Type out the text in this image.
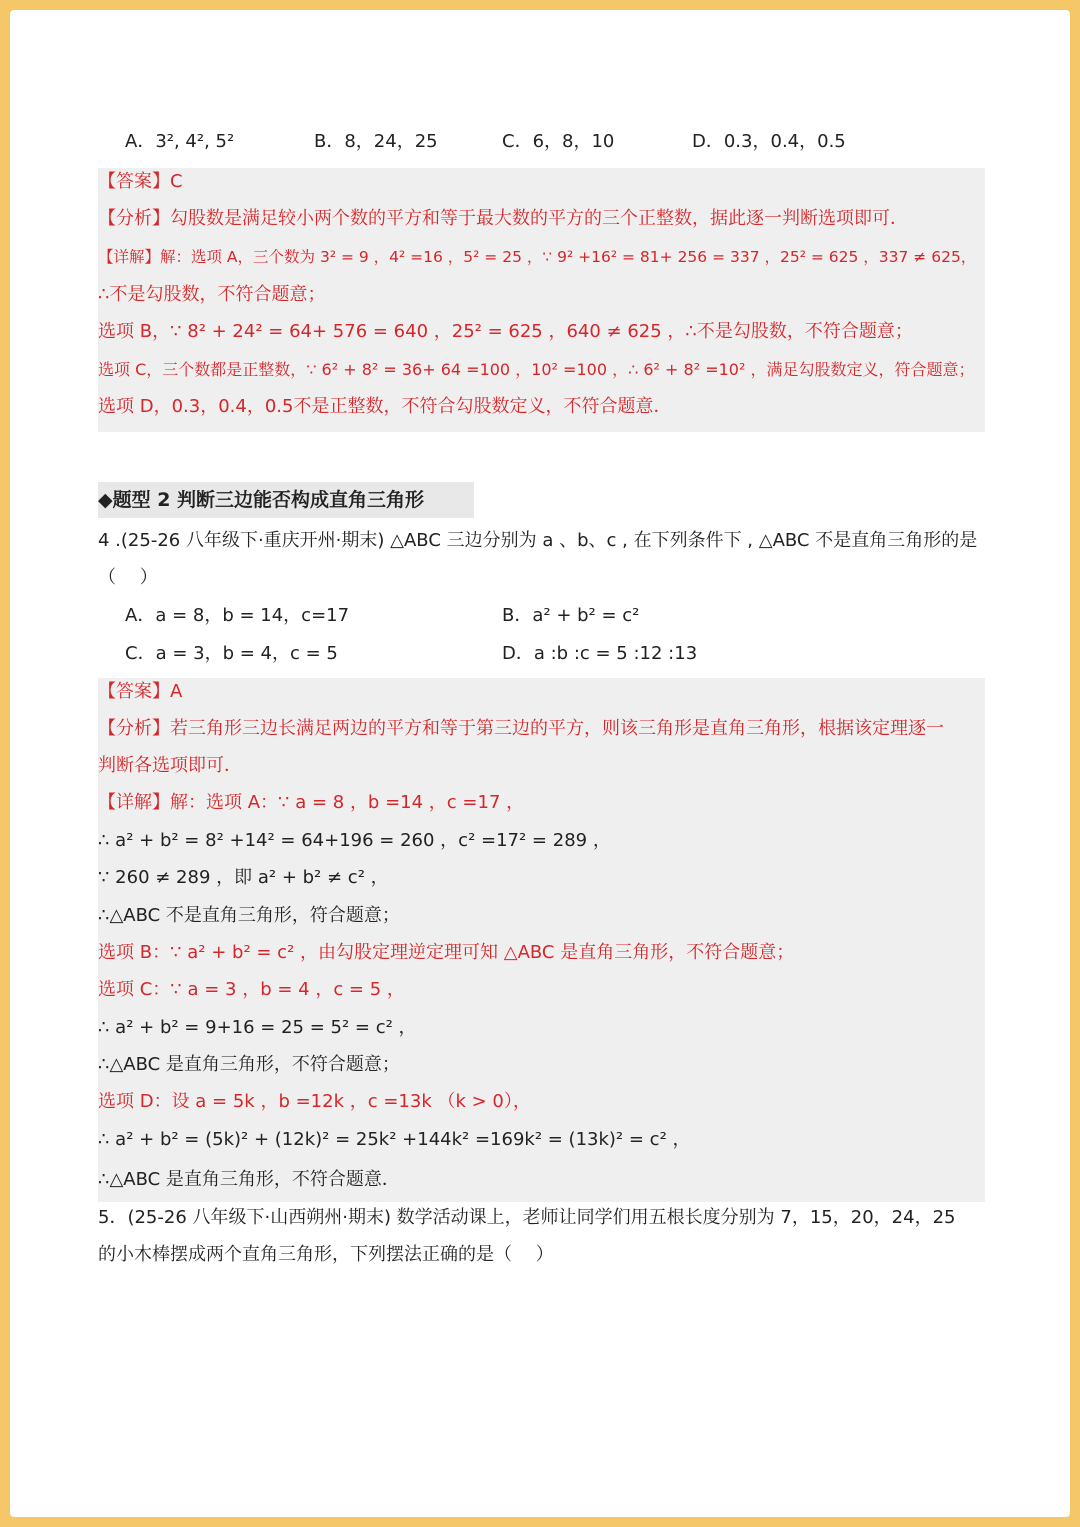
A．3², 4², 5²	B．8，24，25	C．6，8，10	D．0.3，0.4，0.5
【答案】C
【分析】勾股数是满足较小两个数的平方和等于最大数的平方的三个正整数，据此逐一判断选项即可．
【详解】解：选项 A，三个数为 3² = 9 ，4² =16 ，5² = 25 ，∵ 9² +16² = 81+ 256 = 337 ，25² = 625 ，337 ≠ 625，
∴不是勾股数，不符合题意；
选项 B，∵ 8² + 24² = 64+ 576 = 640 ，25² = 625 ，640 ≠ 625 ，∴不是勾股数，不符合题意；
选项 C，三个数都是正整数，∵ 6² + 8² = 36+ 64 =100 ，10² =100 ，∴ 6² + 8² =10² ，满足勾股数定义，符合题意；
选项 D，0.3，0.4，0.5不是正整数，不符合勾股数定义，不符合题意．
◆题型 2 判断三边能否构成直角三角形
4 .(25-26 八年级下·重庆开州·期末) △ABC 三边分别为 a 、b、c , 在下列条件下 , △ABC 不是直角三角形的是
（　 ）
A．a = 8，b = 14，c=17	B．a² + b² = c²
C．a = 3，b = 4，c = 5	D．a :b :c = 5 :12 :13
【答案】A
【分析】若三角形三边长满足两边的平方和等于第三边的平方，则该三角形是直角三角形，根据该定理逐一
判断各选项即可．
【详解】解：选项 A：∵ a = 8 ，b =14 ，c =17 ，
∴ a² + b² = 8² +14² = 64+196 = 260 ，c² =17² = 289 ，
∵ 260 ≠ 289 ，即 a² + b² ≠ c² ，
∴△ABC 不是直角三角形，符合题意；
选项 B：∵ a² + b² = c² ，由勾股定理逆定理可知 △ABC 是直角三角形，不符合题意；
选项 C：∵ a = 3 ，b = 4 ，c = 5 ，
∴ a² + b² = 9+16 = 25 = 5² = c² ，
∴△ABC 是直角三角形，不符合题意；
选项 D：设 a = 5k ，b =12k ，c =13k （k > 0），
∴ a² + b² = (5k)² + (12k)² = 25k² +144k² =169k² = (13k)² = c² ，
∴△ABC 是直角三角形，不符合题意．
5．(25-26 八年级下·山西朔州·期末) 数学活动课上，老师让同学们用五根长度分别为 7，15，20，24，25
的小木棒摆成两个直角三角形，下列摆法正确的是（　 ）
